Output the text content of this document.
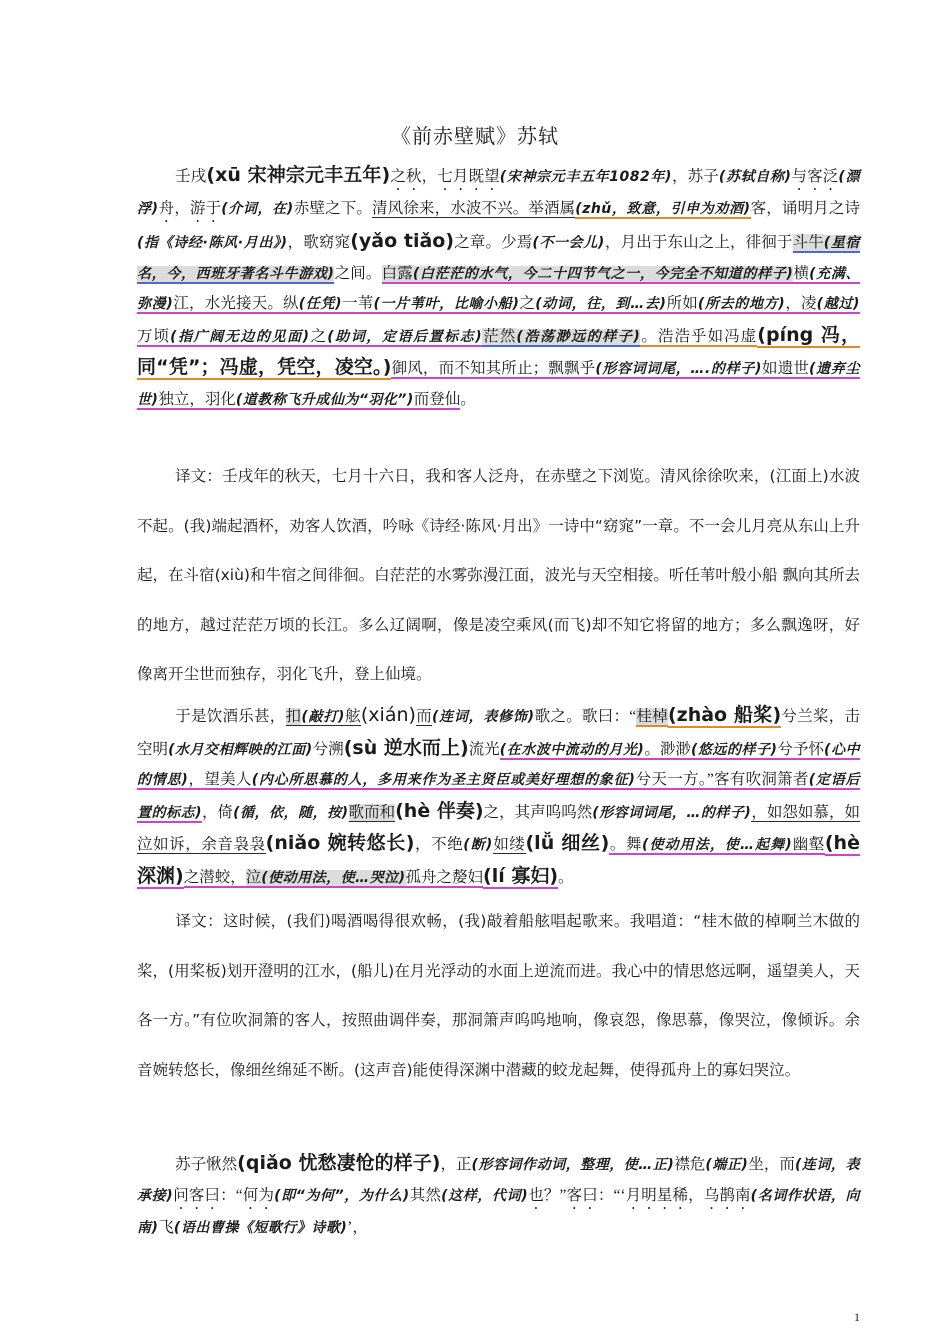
《前赤壁赋》苏轼
壬戌(xū 宋神宗元丰五年)之秋，七月既望(宋神宗元丰五年1082年)，苏子(苏轼自称)与客泛(漂浮)舟，游于(介词，在)赤壁之下。清风徐来，水波不兴。举酒属(zhǔ，致意，引申为劝酒)客，诵明月之诗(指《诗经·陈风·月出》)，歌窈窕(yǎo tiǎo)之章。少焉(不一会儿)，月出于东山之上，徘徊于斗牛(星宿名，今，西班牙著名斗牛游戏)之间。白露(白茫茫的水气，今二十四节气之一，今完全不知道的样子)横(充满、弥漫)江，水光接天。纵(任凭)一苇(一片苇叶，比喻小船)之(动词，往，到…去)所如(所去的地方)，凌(越过)万顷(指广阔无边的见面)之(助词，定语后置标志)茫然(浩荡渺远的样子)。浩浩乎如冯虚(píng 冯，同“凭”；冯虚，凭空，凌空。)御风，而不知其所止；飘飘乎(形容词词尾，….的样子)如遗世(遗弃尘世)独立，羽化(道教称飞升成仙为“羽化”)而登仙。
译文：壬戌年的秋天，七月十六日，我和客人泛舟，在赤壁之下浏览。清风徐徐吹来，(江面上)水波不起。(我)端起酒杯，劝客人饮酒，吟咏《诗经·陈风·月出》一诗中“窈窕”一章。不一会儿月亮从东山上升起，在斗宿(xiù)和牛宿之间徘徊。白茫茫的水雾弥漫江面，波光与天空相接。听任苇叶般小船 飘向其所去的地方，越过茫茫万顷的长江。多么辽阔啊，像是凌空乘风(而飞)却不知它将留的地方；多么飘逸呀，好像离开尘世而独存，羽化飞升，登上仙境。
于是饮酒乐甚，扣(敲打)舷(xián)而(连词，表修饰)歌之。歌曰：“桂棹(zhào 船桨)兮兰桨，击空明(水月交相辉映的江面)兮溯(sù 逆水而上)流光(在水波中流动的月光)。渺渺(悠远的样子)兮予怀(心中的情思)，望美人(内心所思慕的人，多用来作为圣主贤臣或美好理想的象征)兮天一方。”客有吹洞箫者(定语后置的标志)，倚(循，依，随，按)歌而和(hè 伴奏)之，其声呜呜然(形容词词尾，…的样子)，如怨如慕，如泣如诉，余音袅袅(niǎo 婉转悠长)，不绝(断)如缕(lǚ 细丝)。舞(使动用法，使…起舞)幽壑(hè 深渊)之潜蛟，泣(使动用法，使…哭泣)孤舟之嫠妇(lí 寡妇)。
译文：这时候，(我们)喝酒喝得很欢畅，(我)敲着船舷唱起歌来。我唱道：“桂木做的棹啊兰木做的桨，(用桨板)划开澄明的江水，(船儿)在月光浮动的水面上逆流而进。我心中的情思悠远啊，遥望美人，天各一方。”有位吹洞箫的客人，按照曲调伴奏，那洞箫声呜呜地响，像哀怨，像思慕，像哭泣，像倾诉。余音婉转悠长，像细丝绵延不断。(这声音)能使得深渊中潜藏的蛟龙起舞，使得孤舟上的寡妇哭泣。
苏子愀然(qiǎo 忧愁凄怆的样子)，正(形容词作动词，整理，使…正)襟危(端正)坐，而(连词，表承接)问客曰：“何为(即“为何”，为什么)其然(这样，代词)也？”客曰：“‘月明星稀，乌鹊南(名词作状语，向南)飞(语出曹操《短歌行》诗歌)’，
1
